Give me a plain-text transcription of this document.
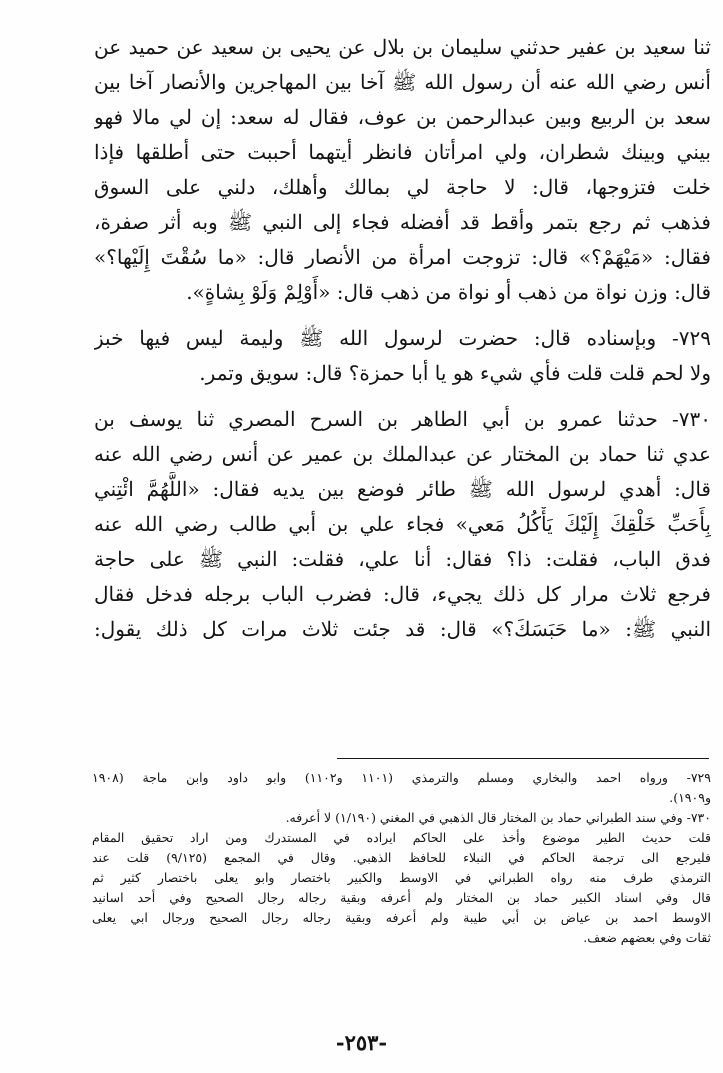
ثنا سعيد بن عفير حدثني سليمان بن بلال عن يحيى بن سعيد عن حميد عن
أنس رضي الله عنه أن رسول الله ﷺ آخا بين المهاجرين والأنصار آخا بين
سعد بن الربيع وبين عبدالرحمن بن عوف، فقال له سعد: إن لي مالا فهو
بيني وبينك شطران، ولي امرأتان فانظر أيتهما أحببت حتى أطلقها فإذا
خلت فتزوجها، قال: لا حاجة لي بمالك وأهلك، دلني على السوق
فذهب ثم رجع بتمر وأقط قد أفضله فجاء إلى النبي ﷺ وبه أثر صفرة،
فقال: «مَيْهَمْ؟» قال: تزوجت امرأة من الأنصار قال: «ما سُقْتَ إِلَيْها؟»
قال: وزن نواة من ذهب أو نواة من ذهب قال: «أَوْلِمْ وَلَوْ بِشاةٍ».
٧٢٩- وبإسناده قال: حضرت لرسول الله ﷺ وليمة ليس فيها خبز
ولا لحم قلت قلت فأي شيء هو يا أبا حمزة؟ قال: سويق وتمر.
٧٣٠- حدثنا عمرو بن أبي الطاهر بن السرح المصري ثنا يوسف بن
عدي ثنا حماد بن المختار عن عبدالملك بن عمير عن أنس رضي الله عنه
قال: أهدي لرسول الله ﷺ طائر فوضع بين يديه فقال: «اللَّهُمَّ ائْتِني
بِأَحَبِّ خَلْقِكَ إِلَيْكَ يَأْكُلُ مَعي» فجاء علي بن أبي طالب رضي الله عنه
فدق الباب، فقلت: ذا؟ فقال: أنا علي، فقلت: النبي ﷺ على حاجة
فرجع ثلاث مرار كل ذلك يجيء، قال: فضرب الباب برجله فدخل فقال
النبي ﷺ: «ما حَبَسَكَ؟» قال: قد جئت ثلاث مرات كل ذلك يقول:
٧٢٩- ورواه احمد والبخاري ومسلم والترمذي (١١٠١ و١١٠٢) وابو داود وابن ماجة (١٩٠٨
و١٩٠٩).
٧٣٠- وفي سند الطبراني حماد بن المختار قال الذهبي في المغني (١/١٩٠) لا أعرفه.
قلت حديث الطير موضوع وأخذ على الحاكم ايراده في المستدرك ومن اراد تحقيق المقام
فليرجع الى ترجمة الحاكم في النبلاء للحافظ الذهبي. وقال في المجمع (٩/١٢٥) قلت عند
الترمذي طرف منه رواه الطبراني في الاوسط والكبير باختصار وابو يعلى باختصار كثير ثم
قال وفي اسناد الكبير حماد بن المختار ولم أعرفه وبقية رجاله رجال الصحيح وفي أحد اسانيد
الاوسط احمد بن عياض بن أبي طيبة ولم أعرفه وبقية رجاله رجال الصحيح ورجال ابي يعلى
ثقات وفي بعضهم ضعف.
-٢٥٣-
